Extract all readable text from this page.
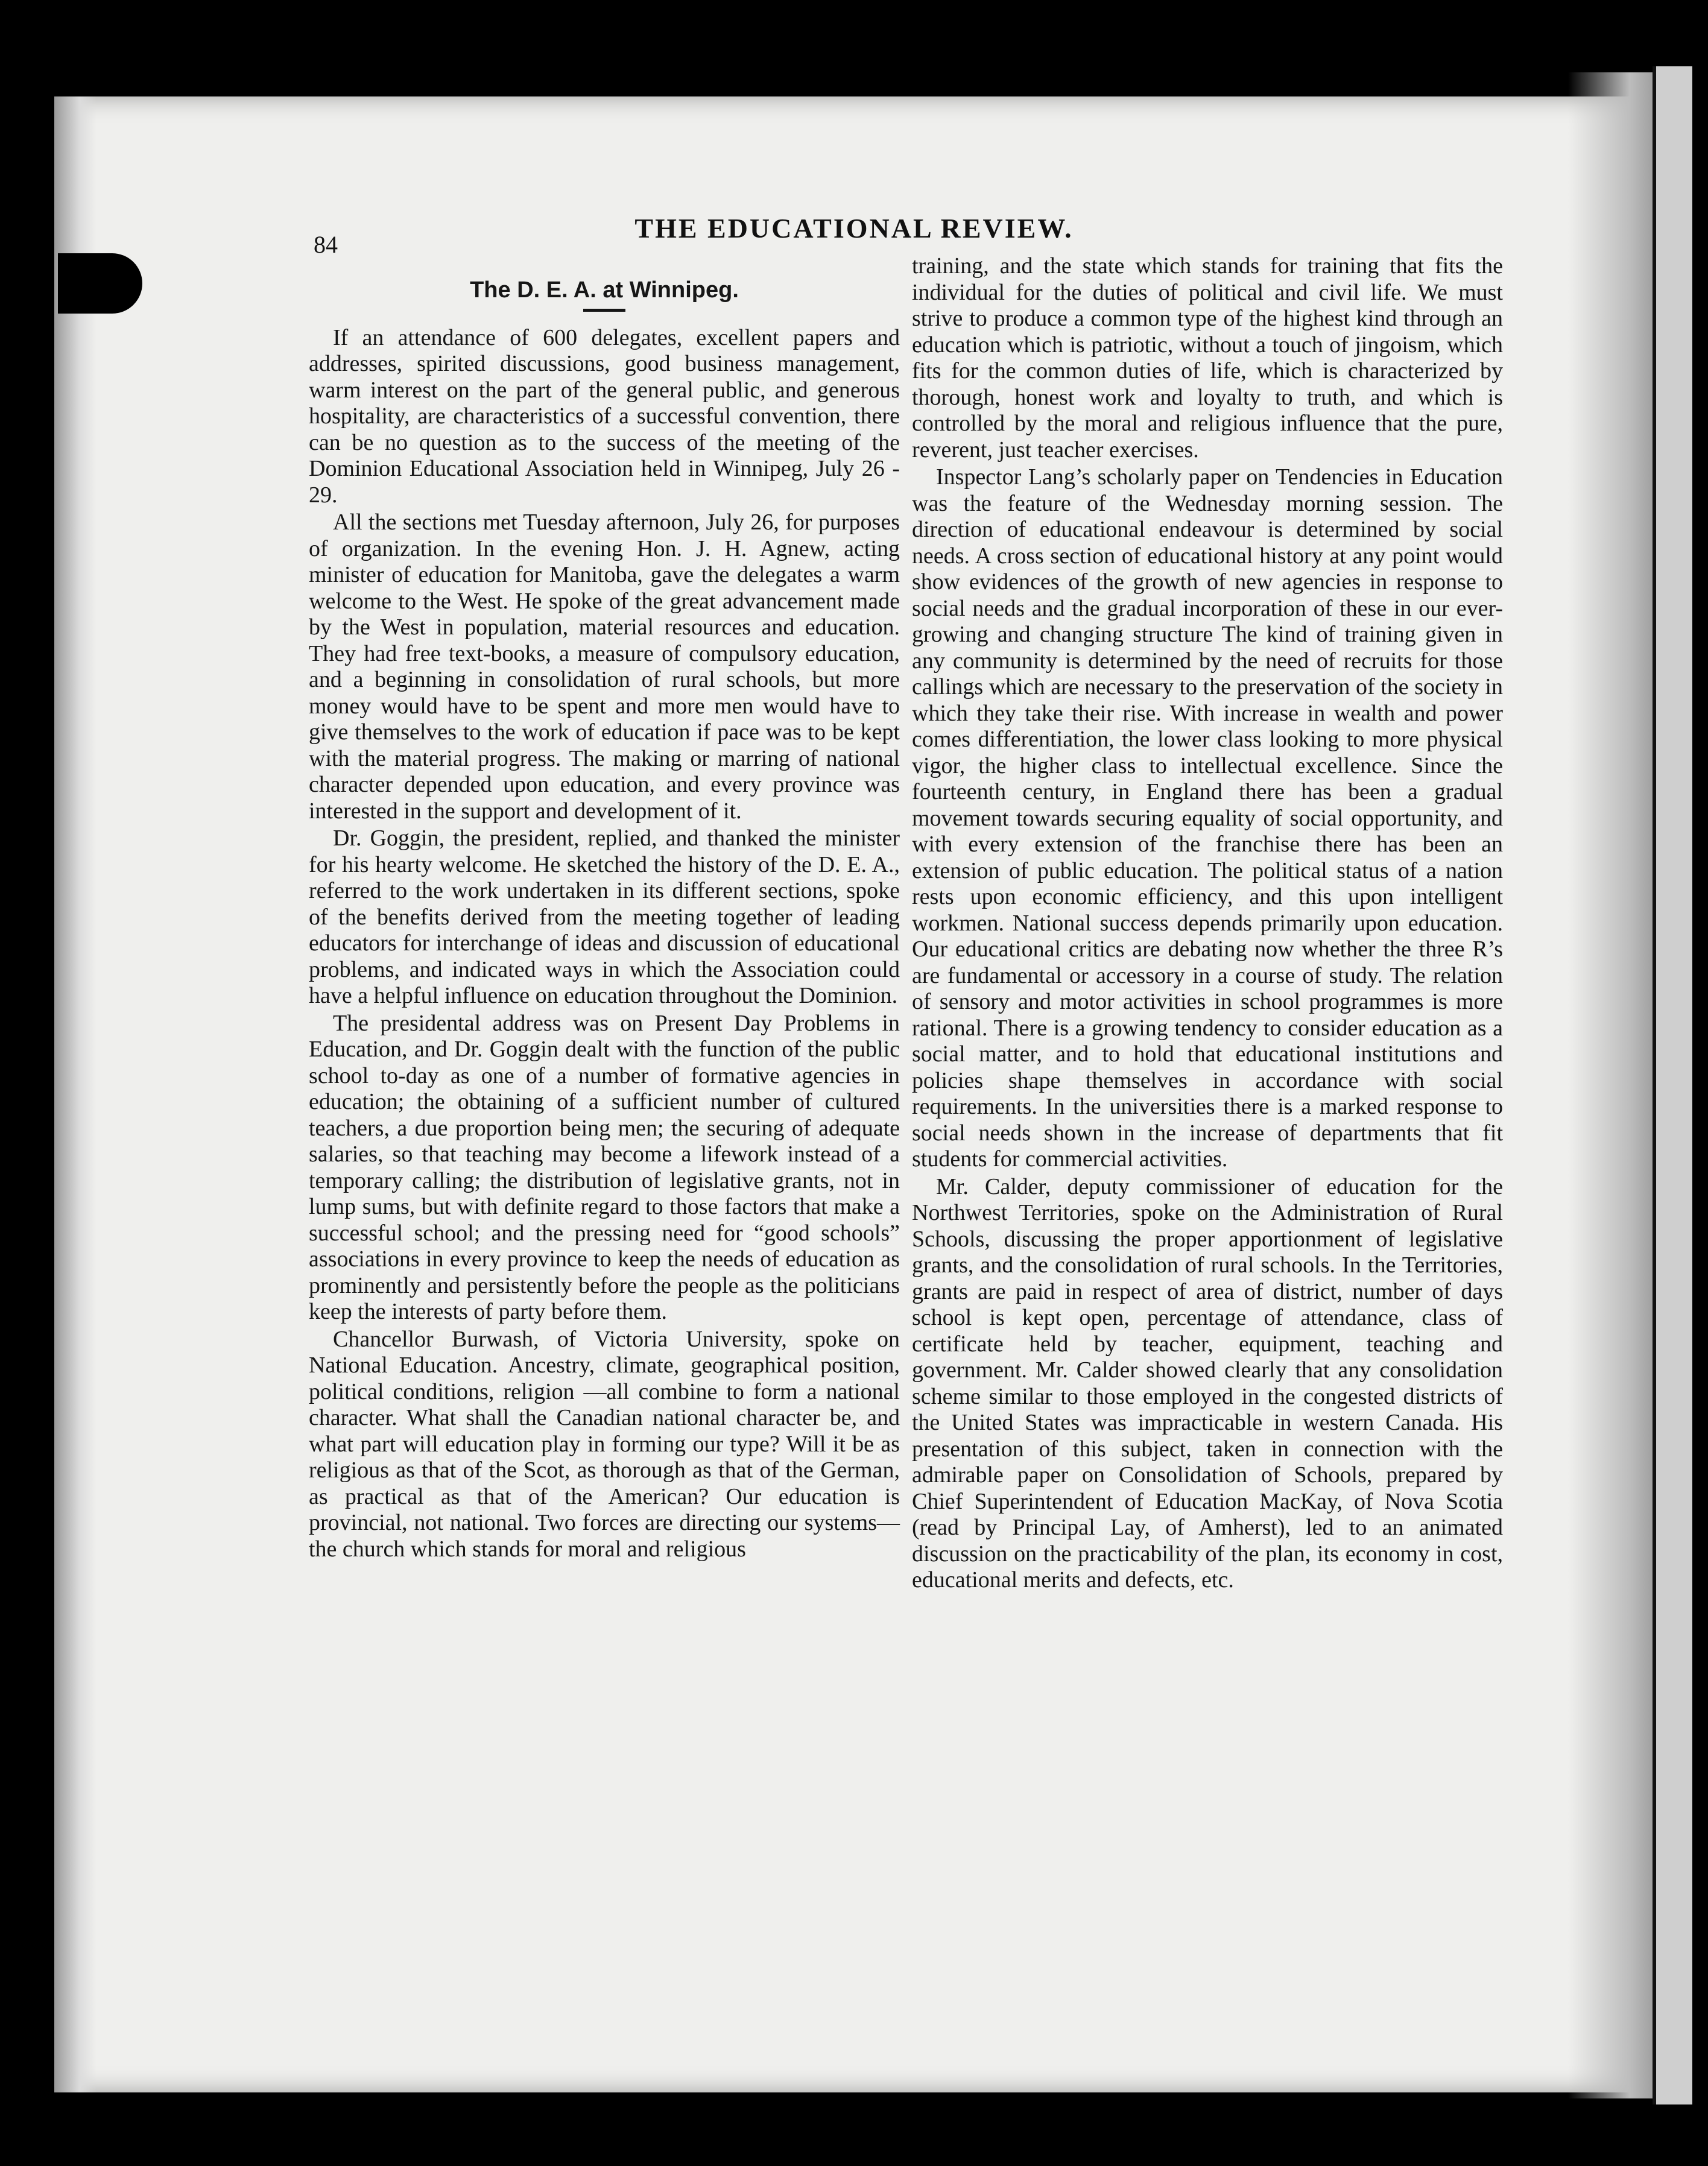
84
THE EDUCATIONAL REVIEW.
The D. E. A. at Winnipeg.

If an attendance of 600 delegates, excellent papers and addresses, spirited discussions, good business management, warm interest on the part of the general public, and generous hospitality, are characteristics of a successful convention, there can be no question as to the success of the meeting of the Dominion Educational Association held in Winnipeg, July 26 - 29.

All the sections met Tuesday afternoon, July 26, for purposes of organization. In the evening Hon. J. H. Agnew, acting minister of education for Manitoba, gave the delegates a warm welcome to the West. He spoke of the great advancement made by the West in population, material resources and education. They had free text-books, a measure of compulsory education, and a beginning in consolidation of rural schools, but more money would have to be spent and more men would have to give themselves to the work of education if pace was to be kept with the material progress. The making or marring of national character depended upon education, and every province was interested in the support and development of it.

Dr. Goggin, the president, replied, and thanked the minister for his hearty welcome. He sketched the history of the D. E. A., referred to the work undertaken in its different sections, spoke of the benefits derived from the meeting together of leading educators for interchange of ideas and discussion of educational problems, and indicated ways in which the Association could have a helpful influence on education throughout the Dominion.

The presidental address was on Present Day Problems in Education, and Dr. Goggin dealt with the function of the public school to-day as one of a number of formative agencies in education; the obtaining of a sufficient number of cultured teachers, a due proportion being men; the securing of adequate salaries, so that teaching may become a lifework instead of a temporary calling; the distribution of legislative grants, not in lump sums, but with definite regard to those factors that make a successful school; and the pressing need for “good schools” associations in every province to keep the needs of education as prominently and persistently before the people as the politicians keep the interests of party before them.

Chancellor Burwash, of Victoria University, spoke on National Education. Ancestry, climate, geographical position, political conditions, religion —all combine to form a national character. What shall the Canadian national character be, and what part will education play in forming our type? Will it be as religious as that of the Scot, as thorough as that of the German, as practical as that of the American? Our education is provincial, not national. Two forces are directing our systems— the church which stands for moral and religious

training, and the state which stands for training that fits the individual for the duties of political and civil life. We must strive to produce a common type of the highest kind through an education which is patriotic, without a touch of jingoism, which fits for the common duties of life, which is characterized by thorough, honest work and loyalty to truth, and which is controlled by the moral and religious influence that the pure, reverent, just teacher exercises.

Inspector Lang’s scholarly paper on Tendencies in Education was the feature of the Wednesday morning session. The direction of educational endeavour is determined by social needs. A cross section of educational history at any point would show evidences of the growth of new agencies in response to social needs and the gradual incorporation of these in our ever-growing and changing structure The kind of training given in any community is determined by the need of recruits for those callings which are necessary to the preservation of the society in which they take their rise. With increase in wealth and power comes differentiation, the lower class looking to more physical vigor, the higher class to intellectual excellence. Since the fourteenth century, in England there has been a gradual movement towards securing equality of social opportunity, and with every extension of the franchise there has been an extension of public education. The political status of a nation rests upon economic efficiency, and this upon intelligent workmen. National success depends primarily upon education. Our educational critics are debating now whether the three R’s are fundamental or accessory in a course of study. The relation of sensory and motor activities in school programmes is more rational. There is a growing tendency to consider education as a social matter, and to hold that educational institutions and policies shape themselves in accordance with social requirements. In the universities there is a marked response to social needs shown in the increase of departments that fit students for commercial activities.

Mr. Calder, deputy commissioner of education for the Northwest Territories, spoke on the Administration of Rural Schools, discussing the proper apportionment of legislative grants, and the consolidation of rural schools. In the Territories, grants are paid in respect of area of district, number of days school is kept open, percentage of attendance, class of certificate held by teacher, equipment, teaching and government. Mr. Calder showed clearly that any consolidation scheme similar to those employed in the congested districts of the United States was impracticable in western Canada. His presentation of this subject, taken in connection with the admirable paper on Consolidation of Schools, prepared by Chief Superintendent of Education MacKay, of Nova Scotia (read by Principal Lay, of Amherst), led to an animated discussion on the practicability of the plan, its economy in cost, educational merits and defects, etc.
